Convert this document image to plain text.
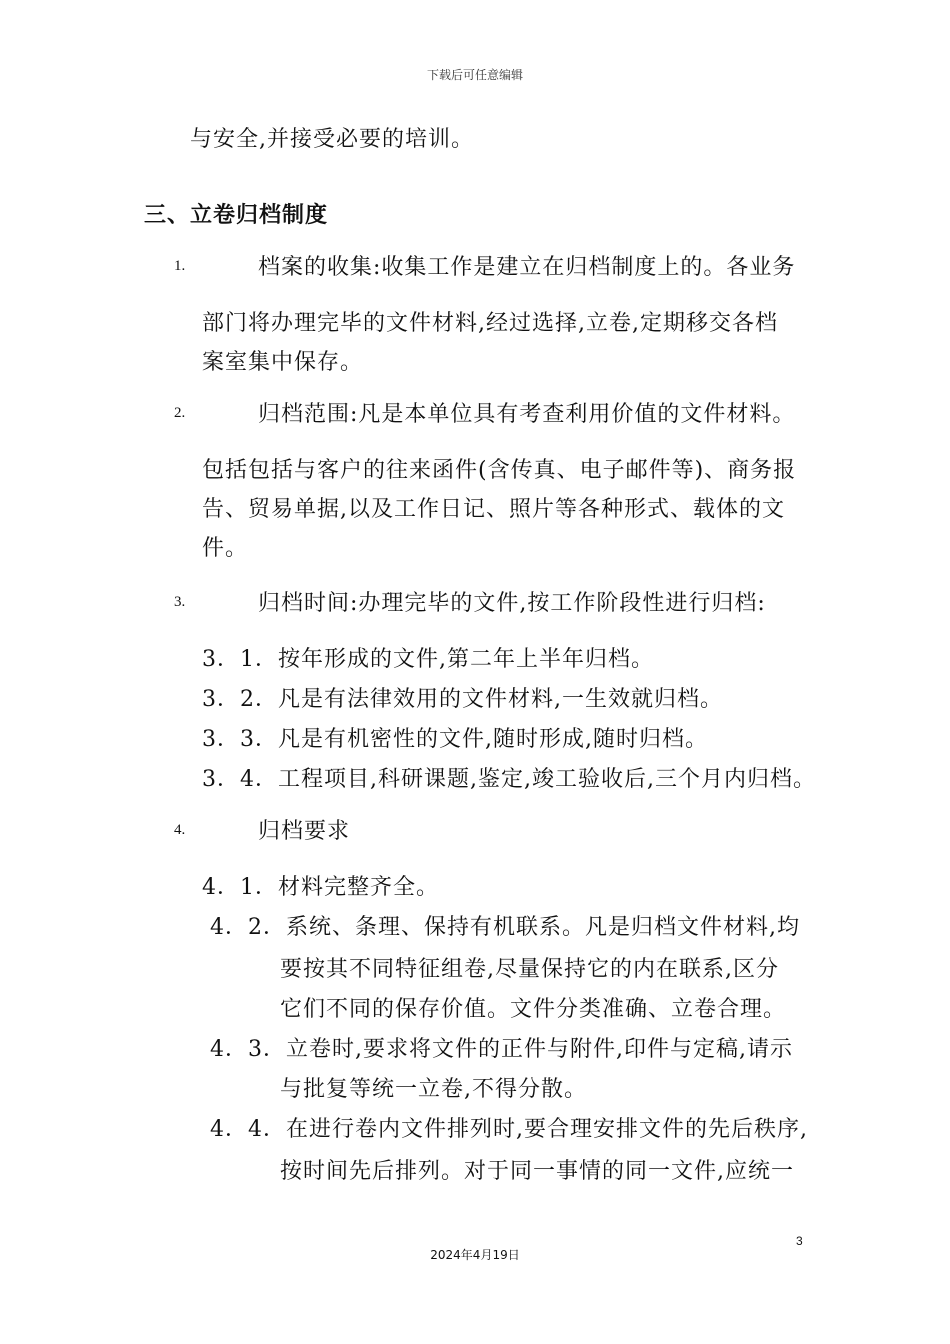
下载后可任意编辑
与安全,并接受必要的培训。
三、立卷归档制度
1.	档案的收集:收集工作是建立在归档制度上的。各业务
部门将办理完毕的文件材料,经过选择,立卷,定期移交各档
案室集中保存。
2.	归档范围:凡是本单位具有考查利用价值的文件材料。
包括包括与客户的往来函件(含传真、电子邮件等)、商务报
告、贸易单据,以及工作日记、照片等各种形式、载体的文
件。
3.	归档时间:办理完毕的文件,按工作阶段性进行归档:
3．1．按年形成的文件,第二年上半年归档。
3．2．凡是有法律效用的文件材料,一生效就归档。
3．3．凡是有机密性的文件,随时形成,随时归档。
3．4．工程项目,科研课题,鉴定,竣工验收后,三个月内归档。
4.	归档要求
4．1．材料完整齐全。
4．2．系统、条理、保持有机联系。凡是归档文件材料,均
要按其不同特征组卷,尽量保持它的内在联系,区分
它们不同的保存价值。文件分类准确、立卷合理。
4．3．立卷时,要求将文件的正件与附件,印件与定稿,请示
与批复等统一立卷,不得分散。
4．4．在进行卷内文件排列时,要合理安排文件的先后秩序,
按时间先后排列。对于同一事情的同一文件,应统一
3
2024年4月19日
